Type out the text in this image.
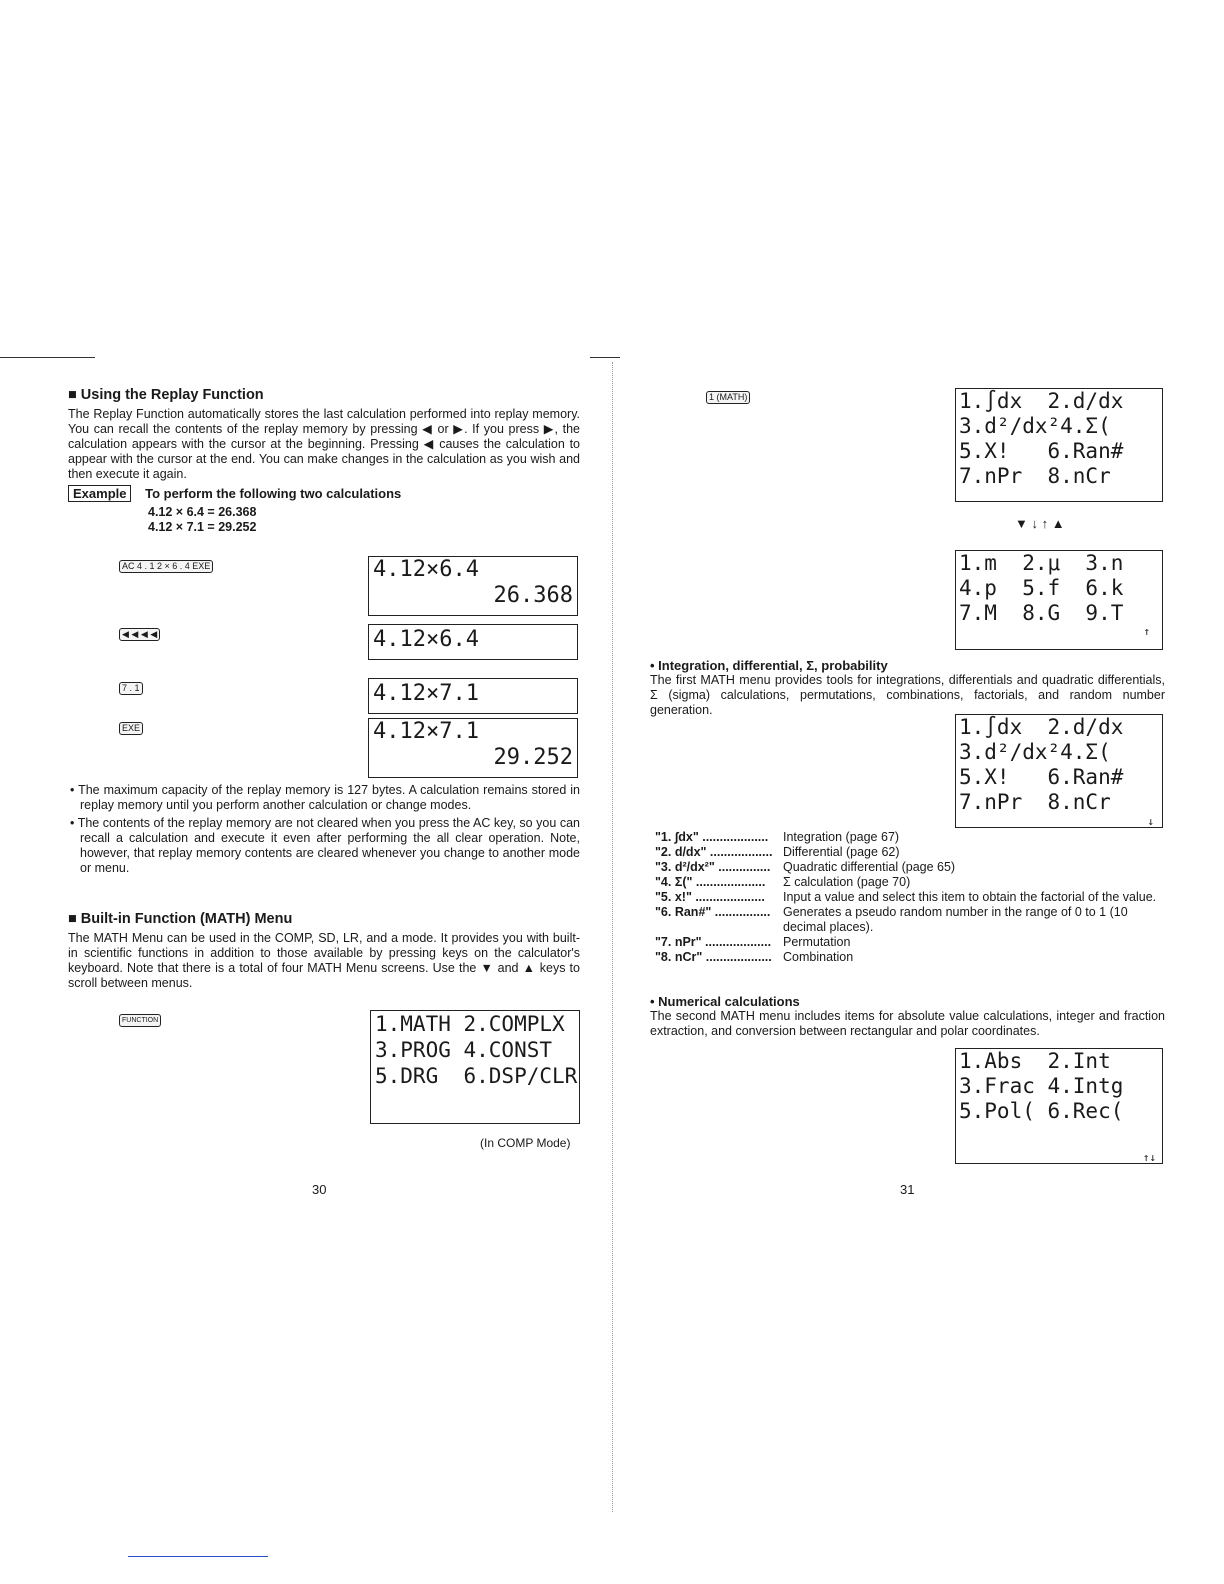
■ Using the Replay Function

The Replay Function automatically stores the last calculation performed into replay memory. You can recall the contents of the replay memory by pressing ◀ or ▶. If you press ▶, the calculation appears with the cursor at the beginning. Pressing ◀ causes the calculation to appear with the cursor at the end. You can make changes in the calculation as you wish and then execute it again.

Example To perform the following two calculations
4.12 × 6.4 = 26.368
4.12 × 7.1 = 29.252
AC 4 . 1 2 × 6 . 4 EXE	4.12×6.4
26.368
◀ ◀ ◀ ◀	4.12×6.4
7 . 1	4.12×7.1
EXE	4.12×7.1
29.252
• The maximum capacity of the replay memory is 127 bytes. A calculation remains stored in replay memory until you perform another calculation or change modes.
• The contents of the replay memory are not cleared when you press the AC key, so you can recall a calculation and execute it even after performing the all clear operation. Note, however, that replay memory contents are cleared whenever you change to another mode or menu.
■ Built-in Function (MATH) Menu

The MATH Menu can be used in the COMP, SD, LR, and a mode. It provides you with built-in scientific functions in addition to those available by pressing keys on the calculator's keyboard. Note that there is a total of four MATH Menu screens. Use the ▼ and ▲ keys to scroll between menus.

FUNCTION	1.MATH 2.COMPLX
3.PROG 4.CONST
5.DRG  6.DSP/CLR
(In COMP Mode)
30
1 (MATH)	1.∫dx  2.d/dx
3.d²/dx²4.Σ(
5.X!   6.Ran#
7.nPr  8.nCr
▼ ↓ ↑ ▲
1.m  2.μ  3.n
4.p  5.f  6.k
7.M  8.G  9.T
↑
• Integration, differential, Σ, probability

The first MATH menu provides tools for integrations, differentials and quadratic differentials, Σ (sigma) calculations, permutations, combinations, factorials, and random number generation.

1.∫dx  2.d/dx
3.d²/dx²4.Σ(
5.X!   6.Ran#
7.nPr  8.nCr
↓
"1. ∫dx" ...................	Integration (page 67)
"2. d/dx" .................. Differential (page 62)
"3. d²/dx²" ...............	Quadratic differential (page 65)
"4. Σ(" ....................	Σ calculation (page 70)
"5. x!" ....................	Input a value and select this item to obtain the factorial of the value.
"6. Ran#" ................	Generates a pseudo random number in the range of 0 to 1 (10 decimal places).
"7. nPr" ................... Permutation
"8. nCr" ................... Combination
• Numerical calculations

The second MATH menu includes items for absolute value calculations, integer and fraction extraction, and conversion between rectangular and polar coordinates.

1.Abs  2.Int
3.Frac 4.Intg
5.Pol( 6.Rec(
↑↓
31
